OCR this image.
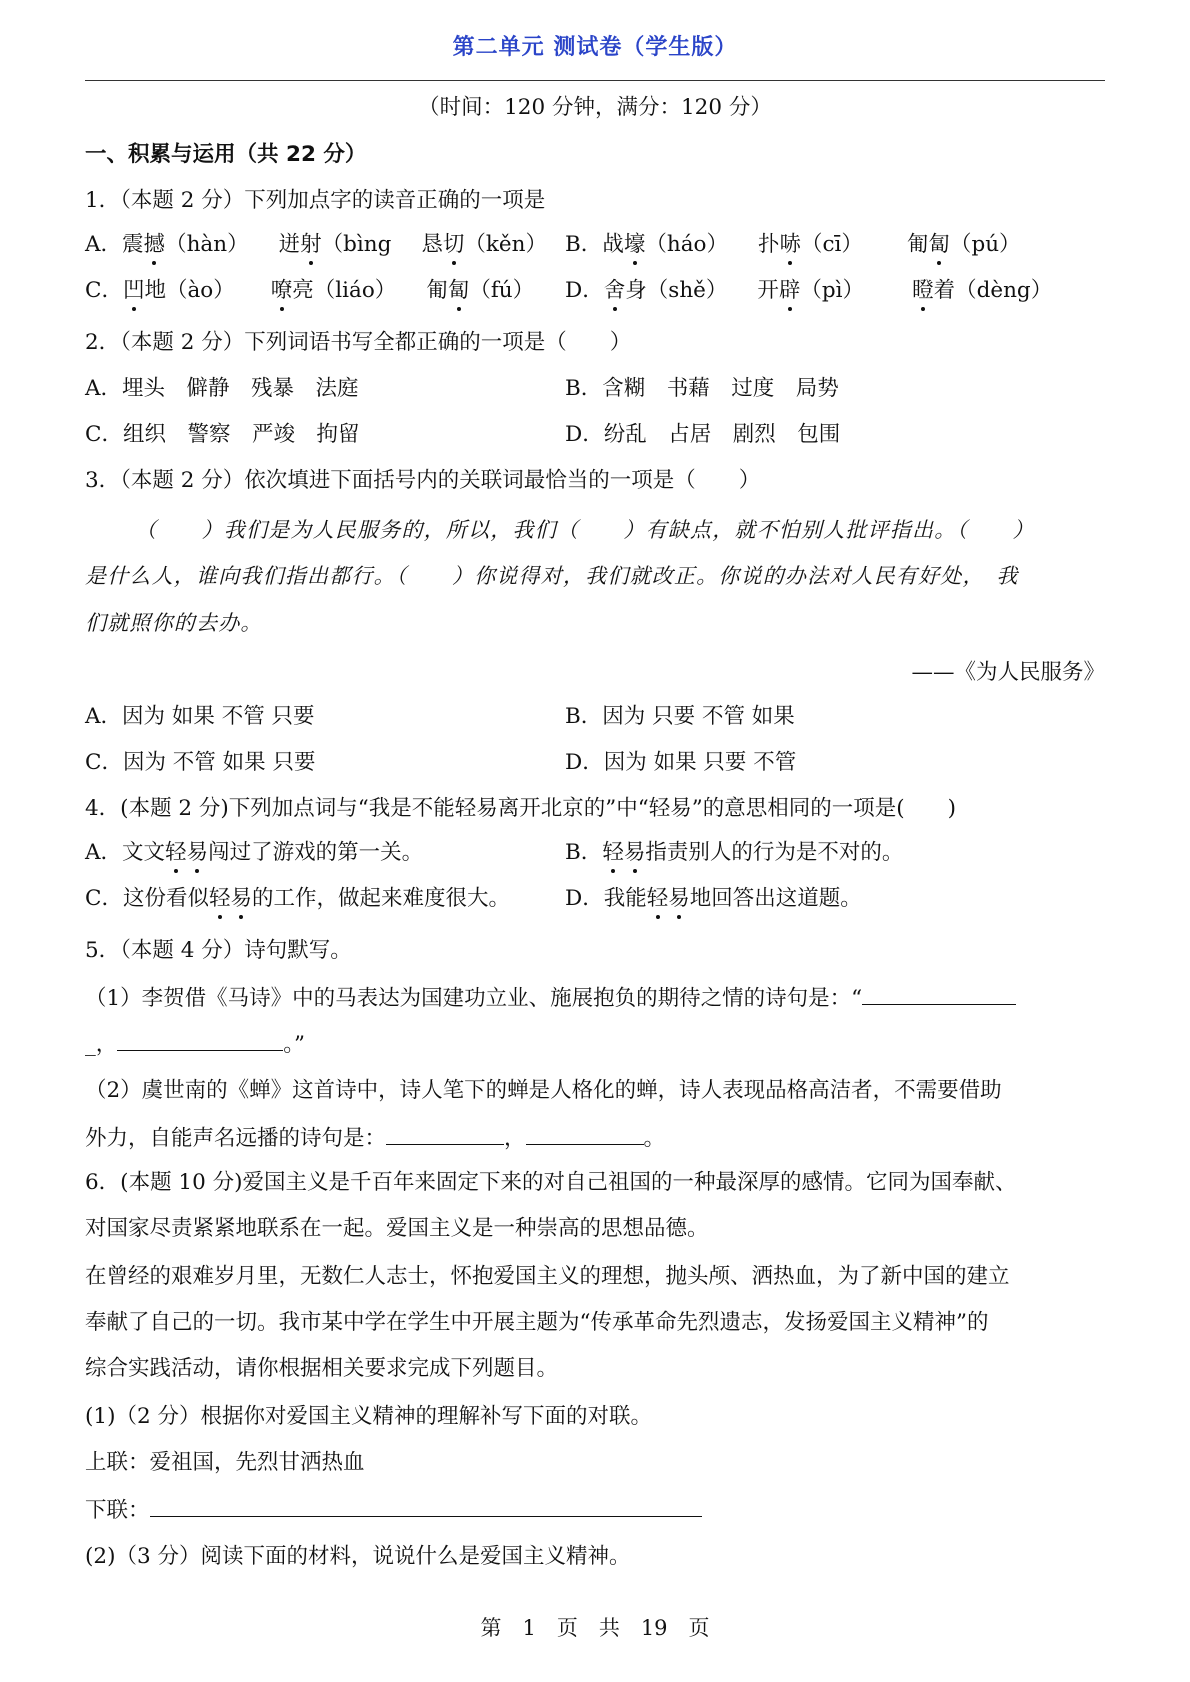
第二单元 测试卷（学生版）
（时间：120 分钟，满分：120 分）
一、积累与运用（共 22 分）
1．（本题 2 分）下列加点字的读音正确的一项是
A．震撼（hàn） 迸射（bìng 恳切（kěn） B．战壕（háo） 扑哧（cī） 匍匐（pú）
C．凹地（ào） 嘹亮（liáo） 匍匐（fú） D．舍身（shě） 开辟（pì） 瞪着（dèng）
2．（本题 2 分）下列词语书写全都正确的一项是（　　）
A．埋头　僻静　残暴　法庭	B．含糊　书藉　过度　局势
C．组织　警察　严竣　拘留	D．纷乱　占居　剧烈　包围
3．（本题 2 分）依次填进下面括号内的关联词最恰当的一项是（　　）
（　　）我们是为人民服务的，所以，我们（　　）有缺点，就不怕别人批评指出。（　　）
是什么人，谁向我们指出都行。（　　）你说得对，我们就改正。你说的办法对人民有好处，　我
们就照你的去办。
——《为人民服务》
A．因为 如果 不管 只要	B．因为 只要 不管 如果
C．因为 不管 如果 只要	D．因为 如果 只要 不管
4．(本题 2 分)下列加点词与“我是不能轻易离开北京的”中“轻易”的意思相同的一项是(　　)
A．文文轻易闯过了游戏的第一关。	B．轻易指责别人的行为是不对的。
C．这份看似轻易的工作，做起来难度很大。	D．我能轻易地回答出这道题。
5．（本题 4 分）诗句默写。
（1）李贺借《马诗》中的马表达为国建功立业、施展抱负的期待之情的诗句是：“
_，	。”
（2）虞世南的《蝉》这首诗中，诗人笔下的蝉是人格化的蝉，诗人表现品格高洁者，不需要借助
外力，自能声名远播的诗句是：	，	。
6．(本题 10 分)爱国主义是千百年来固定下来的对自己祖国的一种最深厚的感情。它同为国奉献、
对国家尽责紧紧地联系在一起。爱国主义是一种崇高的思想品德。
在曾经的艰难岁月里，无数仁人志士，怀抱爱国主义的理想，抛头颅、洒热血，为了新中国的建立
奉献了自己的一切。我市某中学在学生中开展主题为“传承革命先烈遗志，发扬爱国主义精神”的
综合实践活动，请你根据相关要求完成下列题目。
(1)（2 分）根据你对爱国主义精神的理解补写下面的对联。
上联：爱祖国，先烈甘洒热血
下联：
(2)（3 分）阅读下面的材料，说说什么是爱国主义精神。
第　1　页　共　19　页
